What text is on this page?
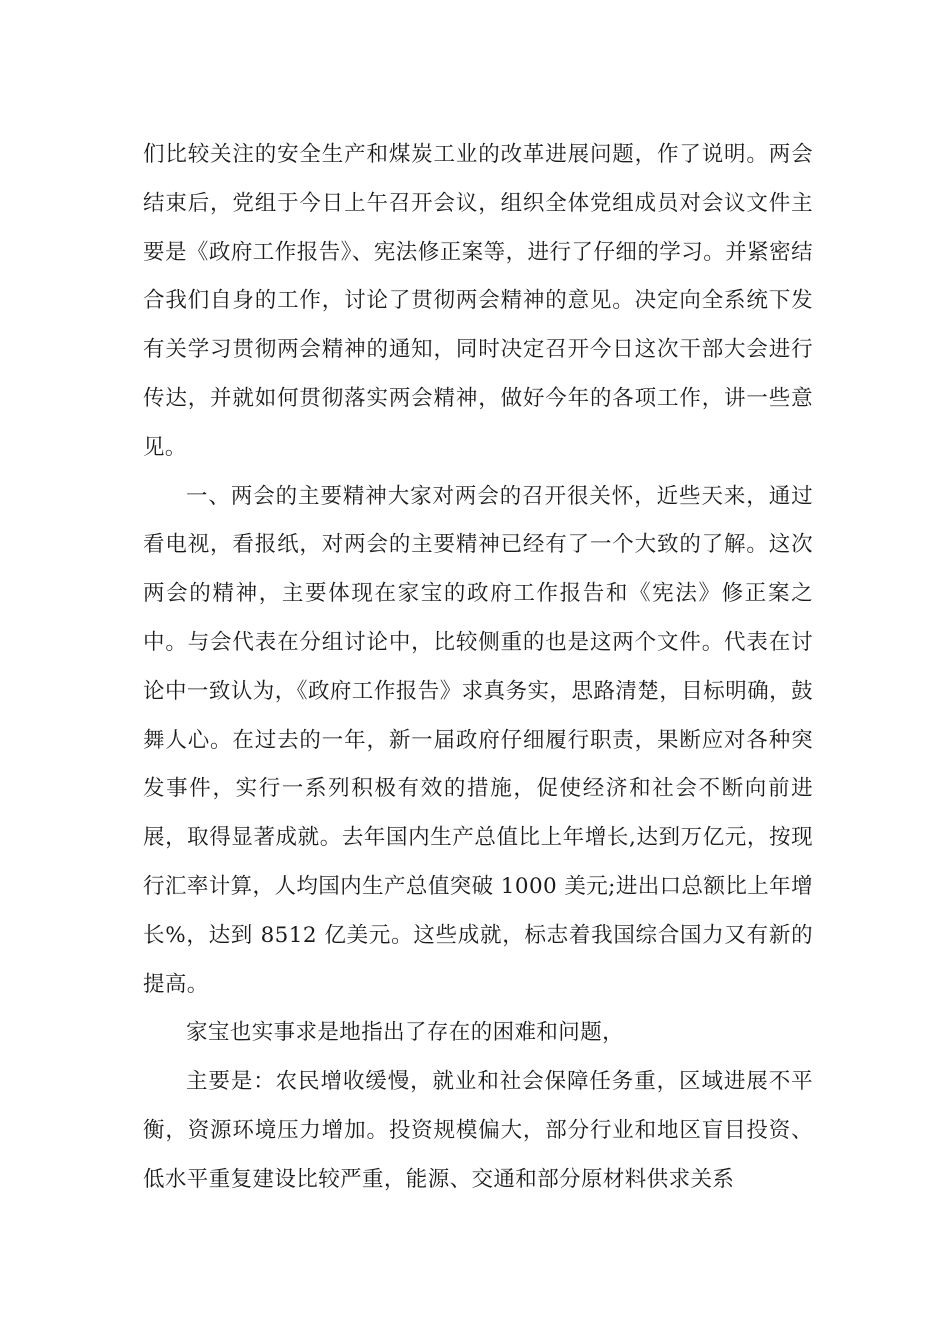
们比较关注的安全生产和煤炭工业的改革进展问题，作了说明。两会结束后，党组于今日上午召开会议，组织全体党组成员对会议文件主要是《政府工作报告》、宪法修正案等，进行了仔细的学习。并紧密结合我们自身的工作，讨论了贯彻两会精神的意见。决定向全系统下发有关学习贯彻两会精神的通知，同时决定召开今日这次干部大会进行传达，并就如何贯彻落实两会精神，做好今年的各项工作，讲一些意见。

一、两会的主要精神大家对两会的召开很关怀，近些天来，通过看电视，看报纸，对两会的主要精神已经有了一个大致的了解。这次两会的精神，主要体现在家宝的政府工作报告和《宪法》修正案之中。与会代表在分组讨论中，比较侧重的也是这两个文件。代表在讨论中一致认为，《政府工作报告》求真务实，思路清楚，目标明确，鼓舞人心。在过去的一年，新一届政府仔细履行职责，果断应对各种突发事件，实行一系列积极有效的措施，促使经济和社会不断向前进展，取得显著成就。去年国内生产总值比上年增长,达到万亿元，按现行汇率计算，人均国内生产总值突破 1000 美元;进出口总额比上年增长%，达到 8512 亿美元。这些成就，标志着我国综合国力又有新的提高。

家宝也实事求是地指出了存在的困难和问题，

主要是：农民增收缓慢，就业和社会保障任务重，区域进展不平衡，资源环境压力增加。投资规模偏大，部分行业和地区盲目投资、低水平重复建设比较严重，能源、交通和部分原材料供求关系
